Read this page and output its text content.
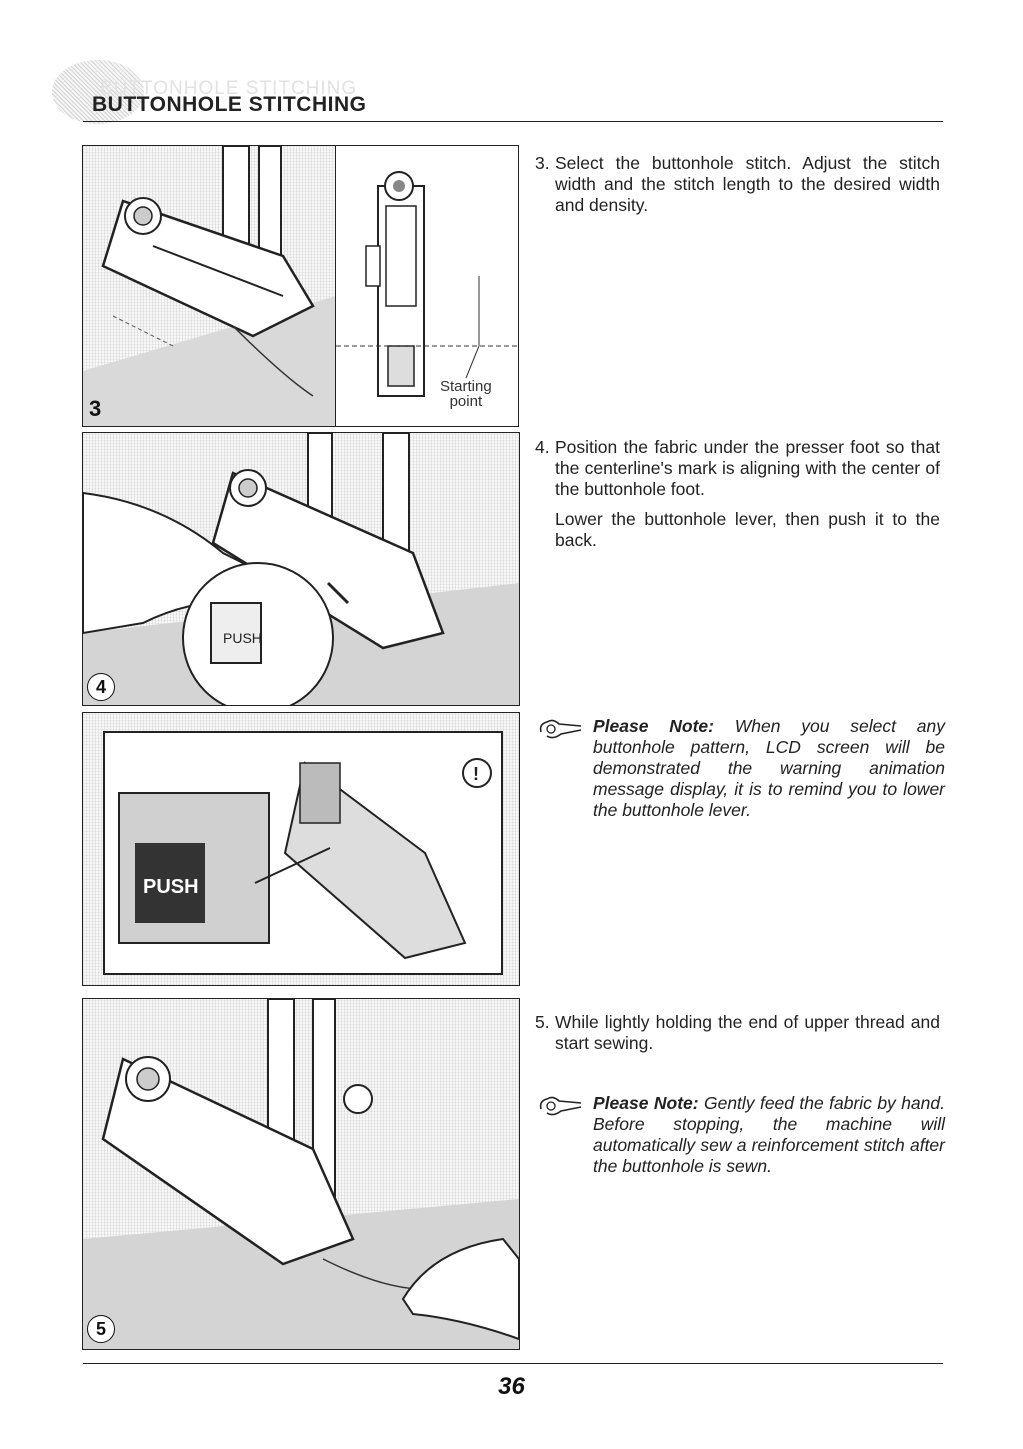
BUTTONHOLE STITCHING
BUTTONHOLE STITCHING
3
Starting
point
PUSH
4
PUSH
!
5

3. Select the buttonhole stitch. Adjust the stitch width and the stitch length to the desired width and density.

4. Position the fabric under the presser foot so that the centerline's mark is aligning with the center of the buttonhole foot.

Lower the buttonhole lever, then push it to the back.

Please Note: When you select any buttonhole pattern, LCD screen will be demonstrated the warning animation message display, it is to remind you to lower the buttonhole lever.

5. While lightly holding the end of upper thread and start sewing.

Please Note: Gently feed the fabric by hand. Before stopping, the machine will automatically sew a reinforcement stitch after the buttonhole is sewn.

36
